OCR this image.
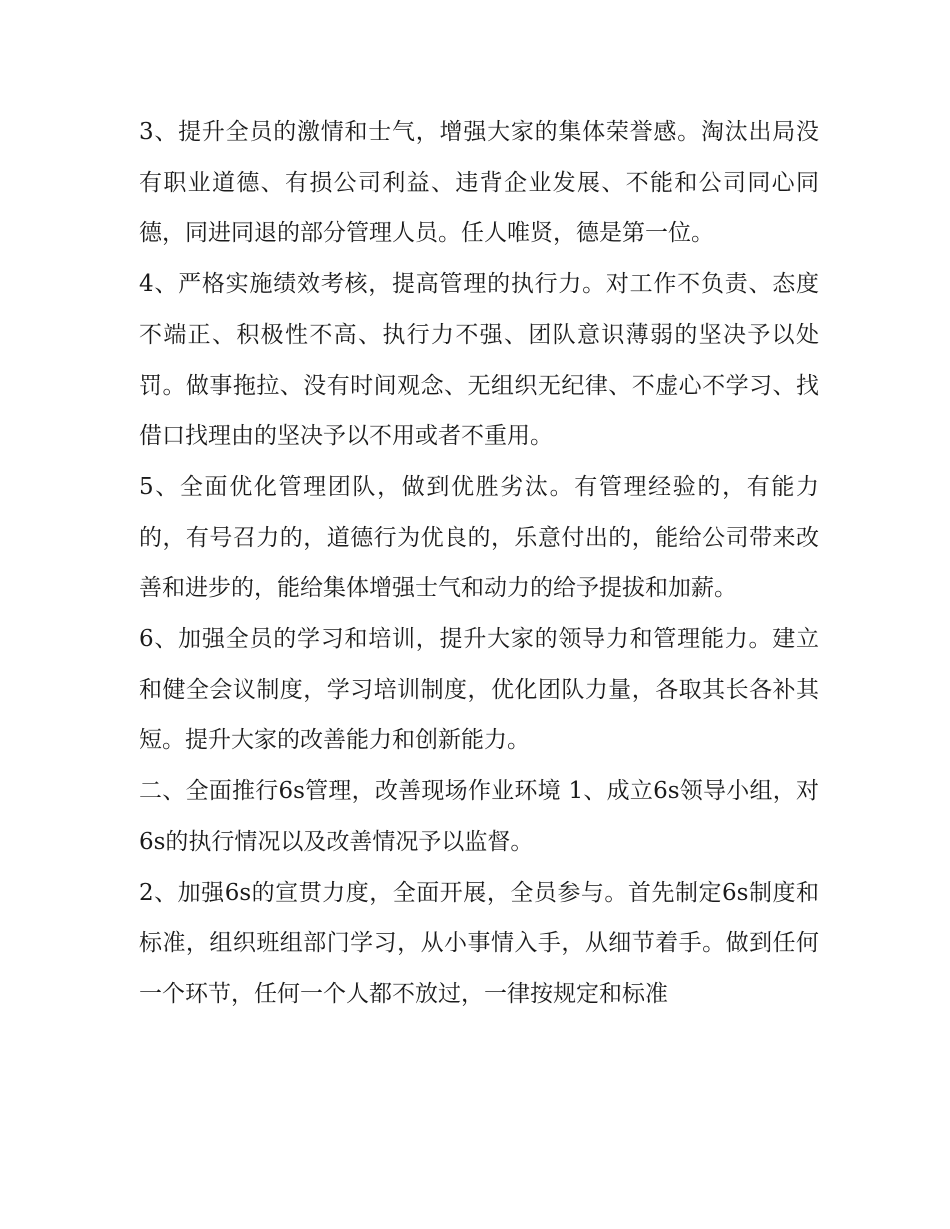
3、提升全员的激情和士气，增强大家的集体荣誉感。淘汰出局没有职业道德、有损公司利益、违背企业发展、不能和公司同心同德，同进同退的部分管理人员。任人唯贤，德是第一位。

4、严格实施绩效考核，提高管理的执行力。对工作不负责、态度不端正、积极性不高、执行力不强、团队意识薄弱的坚决予以处罚。做事拖拉、没有时间观念、无组织无纪律、不虚心不学习、找借口找理由的坚决予以不用或者不重用。

5、全面优化管理团队，做到优胜劣汰。有管理经验的，有能力的，有号召力的，道德行为优良的，乐意付出的，能给公司带来改善和进步的，能给集体增强士气和动力的给予提拔和加薪。

6、加强全员的学习和培训，提升大家的领导力和管理能力。建立和健全会议制度，学习培训制度，优化团队力量，各取其长各补其短。提升大家的改善能力和创新能力。

二、全面推行6s管理，改善现场作业环境 1、成立6s领导小组，对6s的执行情况以及改善情况予以监督。

2、加强6s的宣贯力度，全面开展，全员参与。首先制定6s制度和标准，组织班组部门学习，从小事情入手，从细节着手。做到任何一个环节，任何一个人都不放过，一律按规定和标准
